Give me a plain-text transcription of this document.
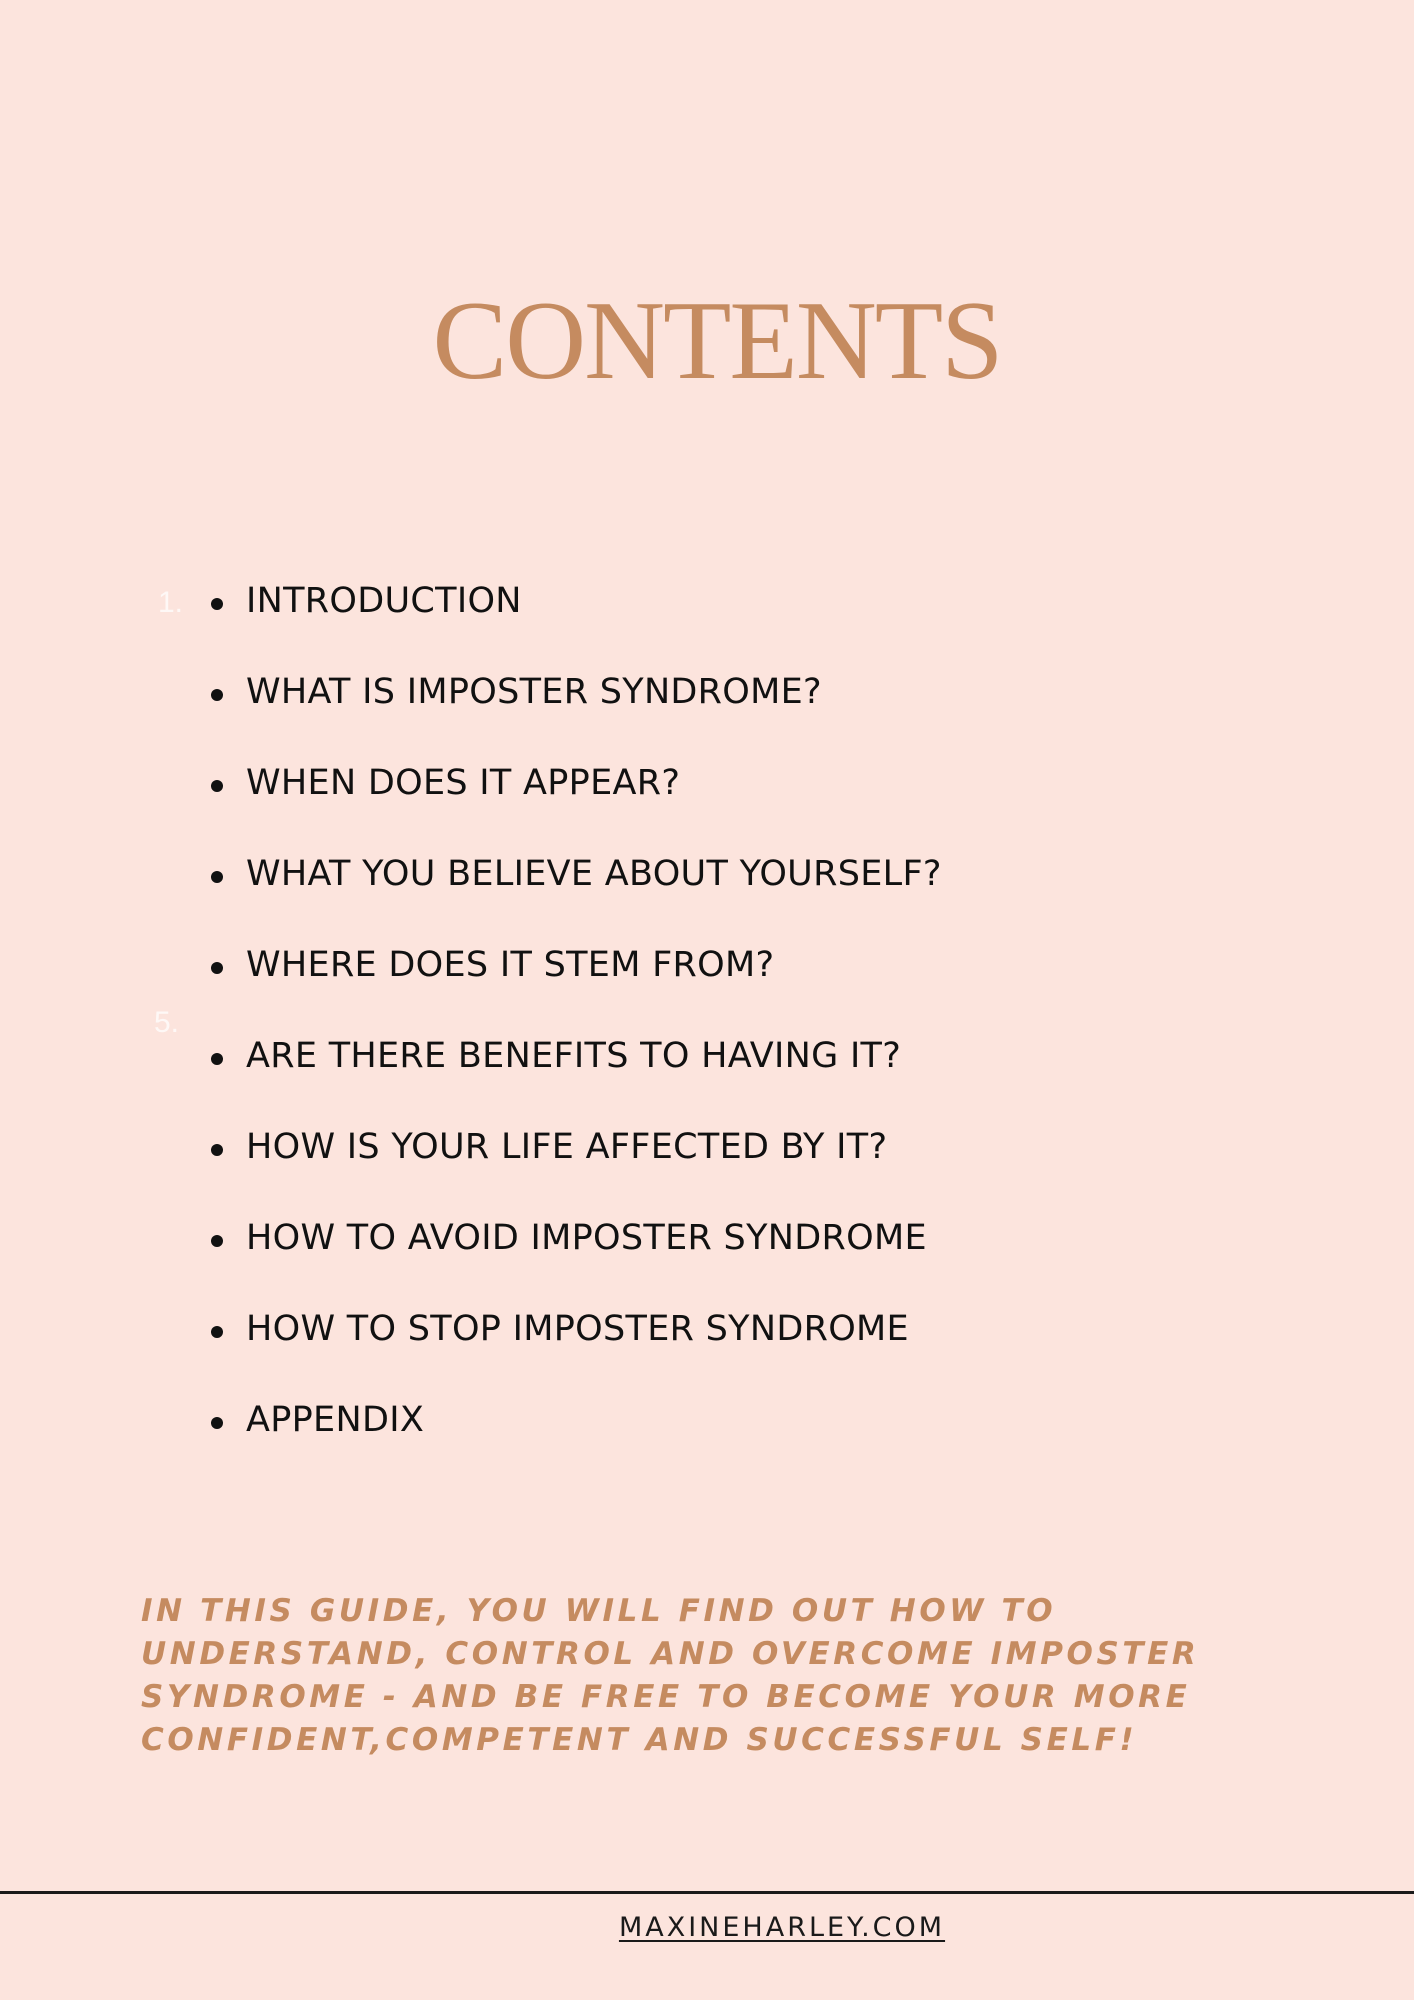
CONTENTS
1.
5.
INTRODUCTION
WHAT IS IMPOSTER SYNDROME?
WHEN DOES IT APPEAR?
WHAT YOU BELIEVE ABOUT YOURSELF?
WHERE DOES IT STEM FROM?
ARE THERE BENEFITS TO HAVING IT?
HOW IS YOUR LIFE AFFECTED BY IT?
HOW TO AVOID IMPOSTER SYNDROME
HOW TO STOP IMPOSTER SYNDROME
APPENDIX

IN THIS GUIDE, YOU WILL FIND OUT HOW TO
UNDERSTAND, CONTROL AND OVERCOME IMPOSTER
SYNDROME - AND BE FREE TO BECOME YOUR MORE
CONFIDENT,COMPETENT AND SUCCESSFUL SELF!

MAXINEHARLEY.COM
